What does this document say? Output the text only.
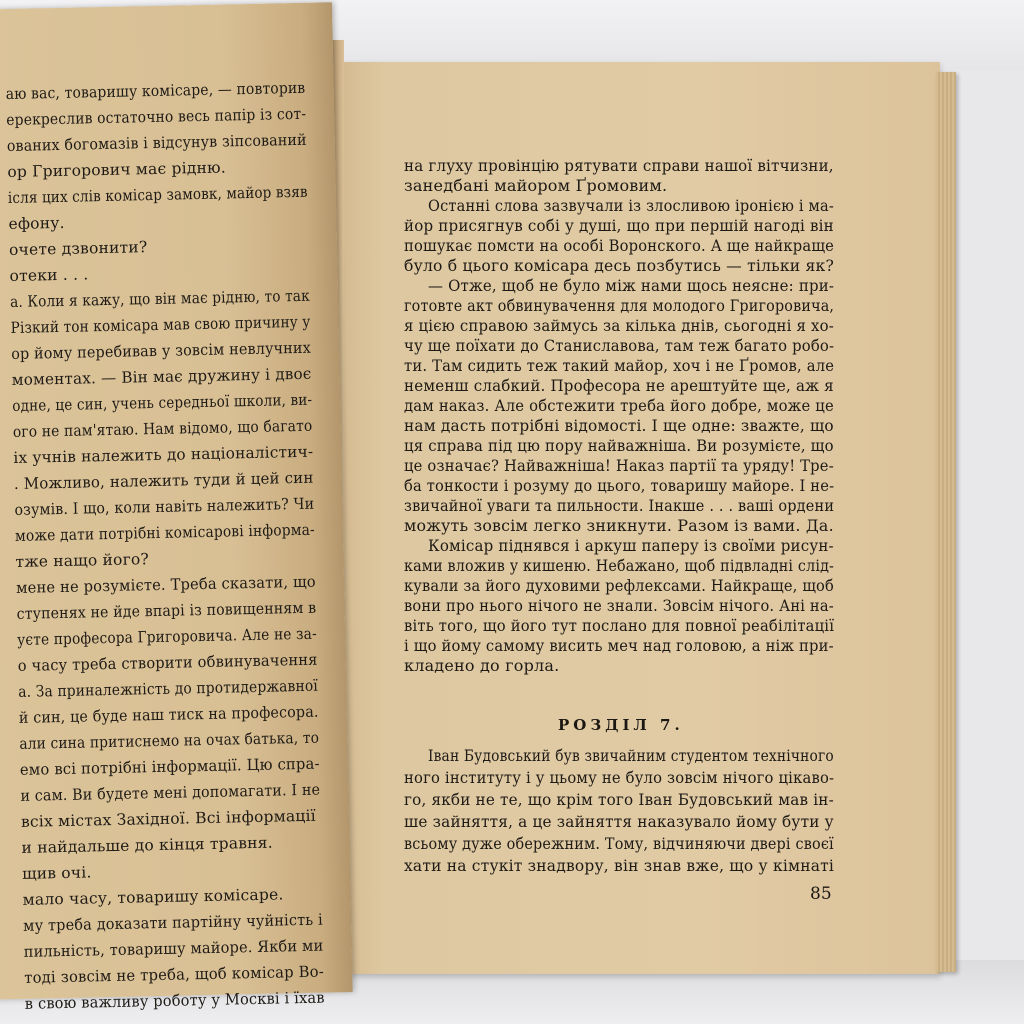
аю вас, товаришу комісаре, — повторив
ерекреслив остаточно весь папір із сот-
ованих богомазів і відсунув зіпсований
ор Григорович має рідню.
ісля цих слів комісар замовк, майор взяв
ефону.
очете дзвонити?
отеки . . .
а. Коли я кажу, що він має рідню, то так
Різкий тон комісара мав свою причину у
ор йому перебивав у зовсім невлучних
моментах. — Він має дружину і двоє
одне, це син, учень середньої школи, ви-
ого не пам'ятаю. Нам відомо, що багато
іх учнів належить до націоналістич-
. Можливо, належить туди й цей син
озумів. І що, коли навіть належить? Чи
може дати потрібні комісарові інформа-
тже нащо його?
мене не розумієте. Треба сказати, що
ступенях не йде впарі із повищенням в
уєте професора Григоровича. Але не за-
о часу треба створити обвинувачення
а. За приналежність до протидержавної
й син, це буде наш тиск на професора.
али сина притиснемо на очах батька, то
емо всі потрібні інформації. Цю спра-
и сам. Ви будете мені допомагати. І не
всіх містах Західної. Всі інформації
и найдальше до кінця травня.
щив очі.
мало часу, товаришу комісаре.
му треба доказати партійну чуйність і
пильність, товаришу майоре. Якби ми
тоді зовсім не треба, щоб комісар Во-
в свою важливу роботу у Москві і їхав
на глуху провінцію рятувати справи нашої вітчизни,
занедбані майором Ґромовим.
Останні слова зазвучали із злосливою іронією і ма-
йор присягнув собі у душі, що при першій нагоді він
пошукає помсти на особі Воронского. А ще найкраще
було б цього комісара десь позбутись — тільки як?
— Отже, щоб не було між нами щось неясне: при-
готовте акт обвинувачення для молодого Григоровича,
я цією справою займусь за кілька днів, сьогодні я хо-
чу ще поїхати до Станиславова, там теж багато робо-
ти. Там сидить теж такий майор, хоч і не Ґромов, але
неменш слабкий. Професора не арештуйте ще, аж я
дам наказ. Але обстежити треба його добре, може це
нам дасть потрібні відомості. І ще одне: зважте, що
ця справа під цю пору найважніша. Ви розумієте, що
це означає? Найважніша! Наказ партії та уряду! Тре-
ба тонкости і розуму до цього, товаришу майоре. І не-
звичайної уваги та пильности. Інакше . . . ваші ордени
можуть зовсім легко зникнути. Разом із вами. Да.
Комісар піднявся і аркуш паперу із своїми рисун-
ками вложив у кишеню. Небажано, щоб підвладні слід-
кували за його духовими рефлексами. Найкраще, щоб
вони про нього нічого не знали. Зовсім нічого. Ані на-
віть того, що його тут послано для повної реабілітації
і що йому самому висить меч над головою, а ніж при-
кладено до горла.
РОЗДІЛ 7.
Іван Будовський був звичайним студентом технічного
ного інституту і у цьому не було зовсім нічого цікаво-
го, якби не те, що крім того Іван Будовський мав ін-
ше зайняття, а це зайняття наказувало йому бути у
всьому дуже обережним. Тому, відчиняючи двері своєї
хати на стукіт знадвору, він знав вже, що у кімнаті
85
